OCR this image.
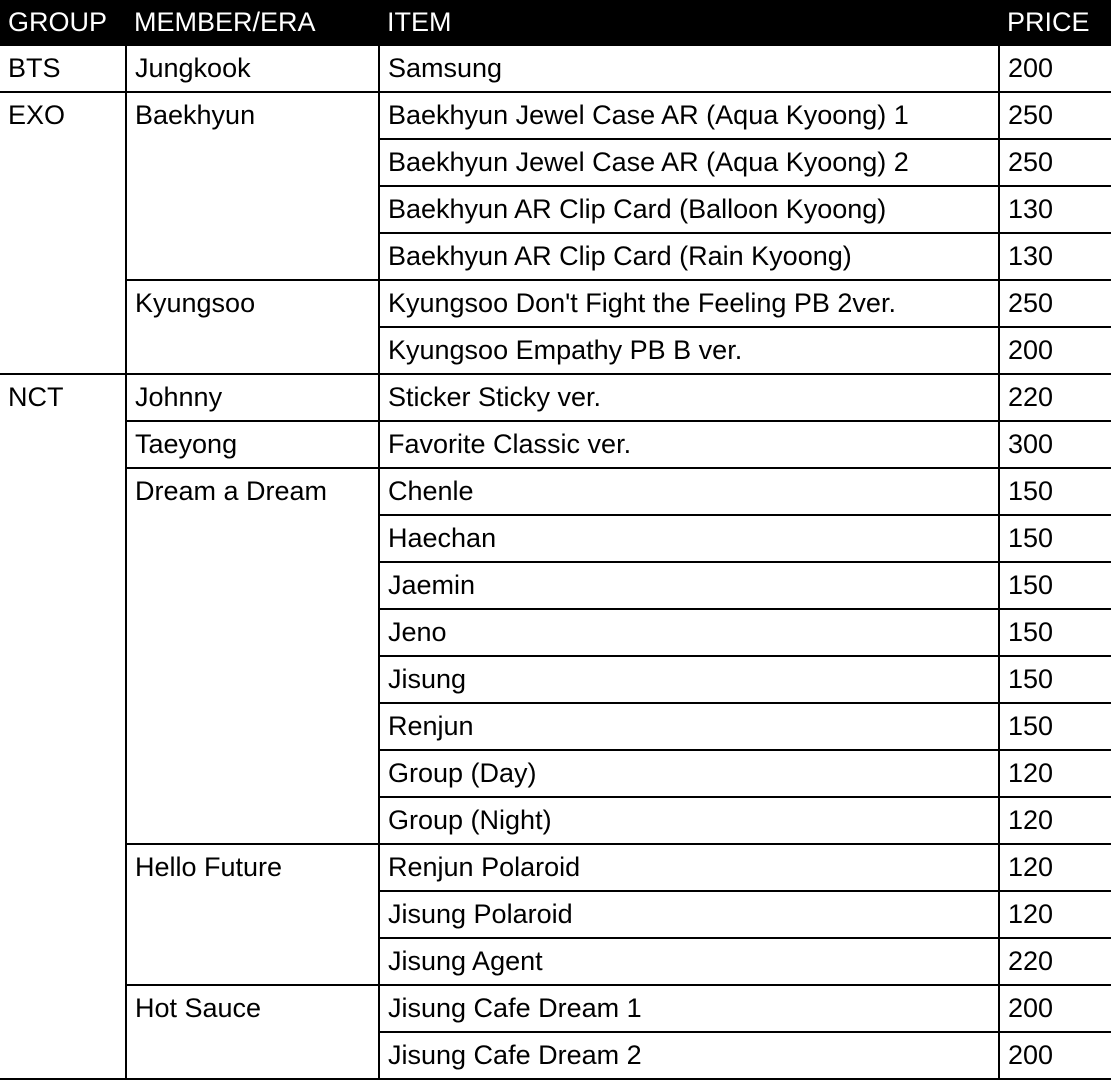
GROUP	MEMBER/ERA	ITEM	PRICE
BTS	Jungkook	Samsung	200
EXO	Baekhyun	Baekhyun Jewel Case AR (Aqua Kyoong) 1	250
		Baekhyun Jewel Case AR (Aqua Kyoong) 2	250
		Baekhyun AR Clip Card (Balloon Kyoong)	130
		Baekhyun AR Clip Card (Rain Kyoong)	130
	Kyungsoo	Kyungsoo Don't Fight the Feeling PB 2ver.	250
		Kyungsoo Empathy PB B ver.	200
NCT	Johnny	Sticker Sticky ver.	220
	Taeyong	Favorite Classic ver.	300
	Dream a Dream	Chenle	150
		Haechan	150
		Jaemin	150
		Jeno	150
		Jisung	150
		Renjun	150
		Group (Day)	120
		Group (Night)	120
	Hello Future	Renjun Polaroid	120
		Jisung Polaroid	120
		Jisung Agent	220
	Hot Sauce	Jisung Cafe Dream 1	200
		Jisung Cafe Dream 2	200
